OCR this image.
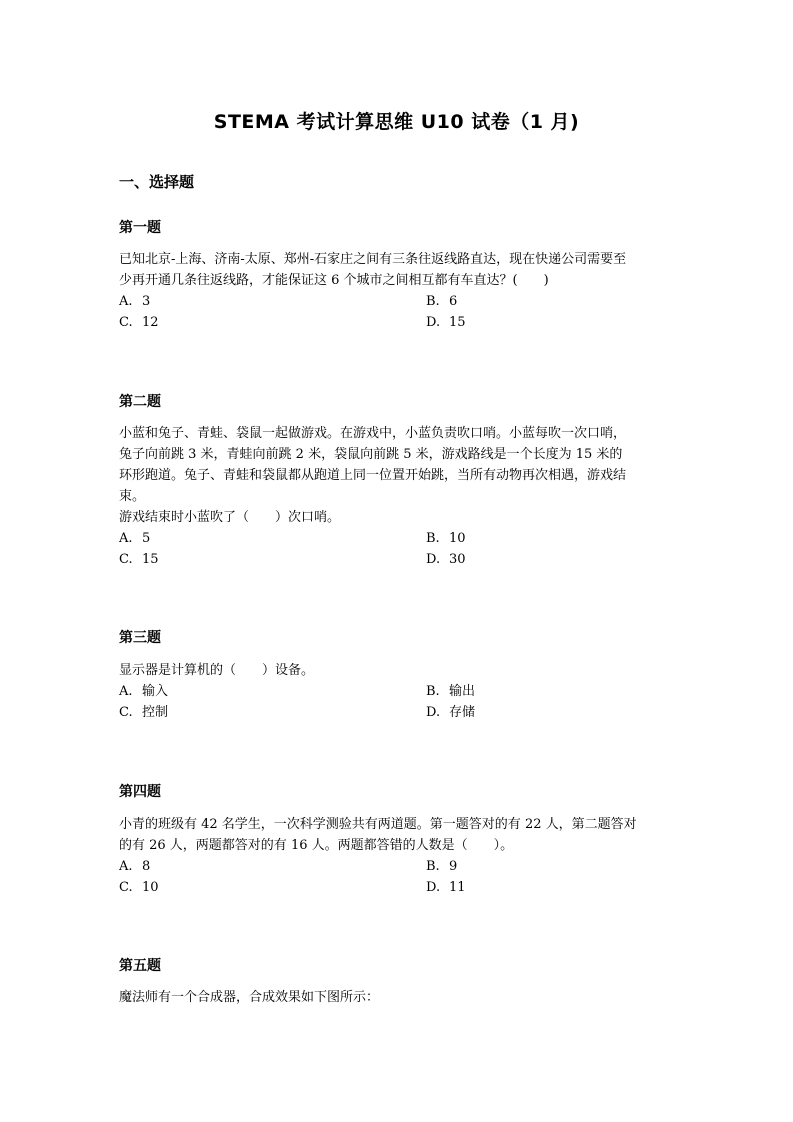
STEMA 考试计算思维 U10 试卷（1 月)
一、选择题
第一题
已知北京-上海、济南-太原、郑州-石家庄之间有三条往返线路直达，现在快递公司需要至
少再开通几条往返线路，才能保证这 6 个城市之间相互都有车直达？(　　)
A. 3	B. 6
C. 12	D. 15
第二题
小蓝和兔子、青蛙、袋鼠一起做游戏。在游戏中，小蓝负责吹口哨。小蓝每吹一次口哨，
兔子向前跳 3 米，青蛙向前跳 2 米，袋鼠向前跳 5 米，游戏路线是一个长度为 15 米的
环形跑道。兔子、青蛙和袋鼠都从跑道上同一位置开始跳，当所有动物再次相遇，游戏结
束。
游戏结束时小蓝吹了（　　）次口哨。
A. 5	B. 10
C. 15	D. 30
第三题
显示器是计算机的（　　）设备。
A. 输入	B. 输出
C. 控制	D. 存储
第四题
小青的班级有 42 名学生，一次科学测验共有两道题。第一题答对的有 22 人，第二题答对
的有 26 人，两题都答对的有 16 人。两题都答错的人数是（　　）。
A. 8	B. 9
C. 10	D. 11
第五题
魔法师有一个合成器，合成效果如下图所示：
